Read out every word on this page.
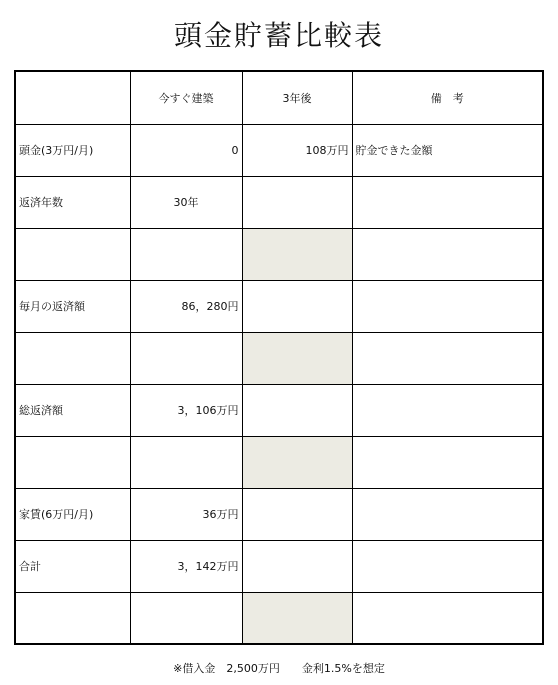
頭金貯蓄比較表
	今すぐ建築	3年後	備　考
頭金(3万円/月)	0	108万円	貯金できた金額
返済年数	30年		

毎月の返済額	86，280円		

総返済額	3，106万円		

家賃(6万円/月)	36万円		
合計	3，142万円		

※借入金　2,500万円　　金利1.5%を想定
